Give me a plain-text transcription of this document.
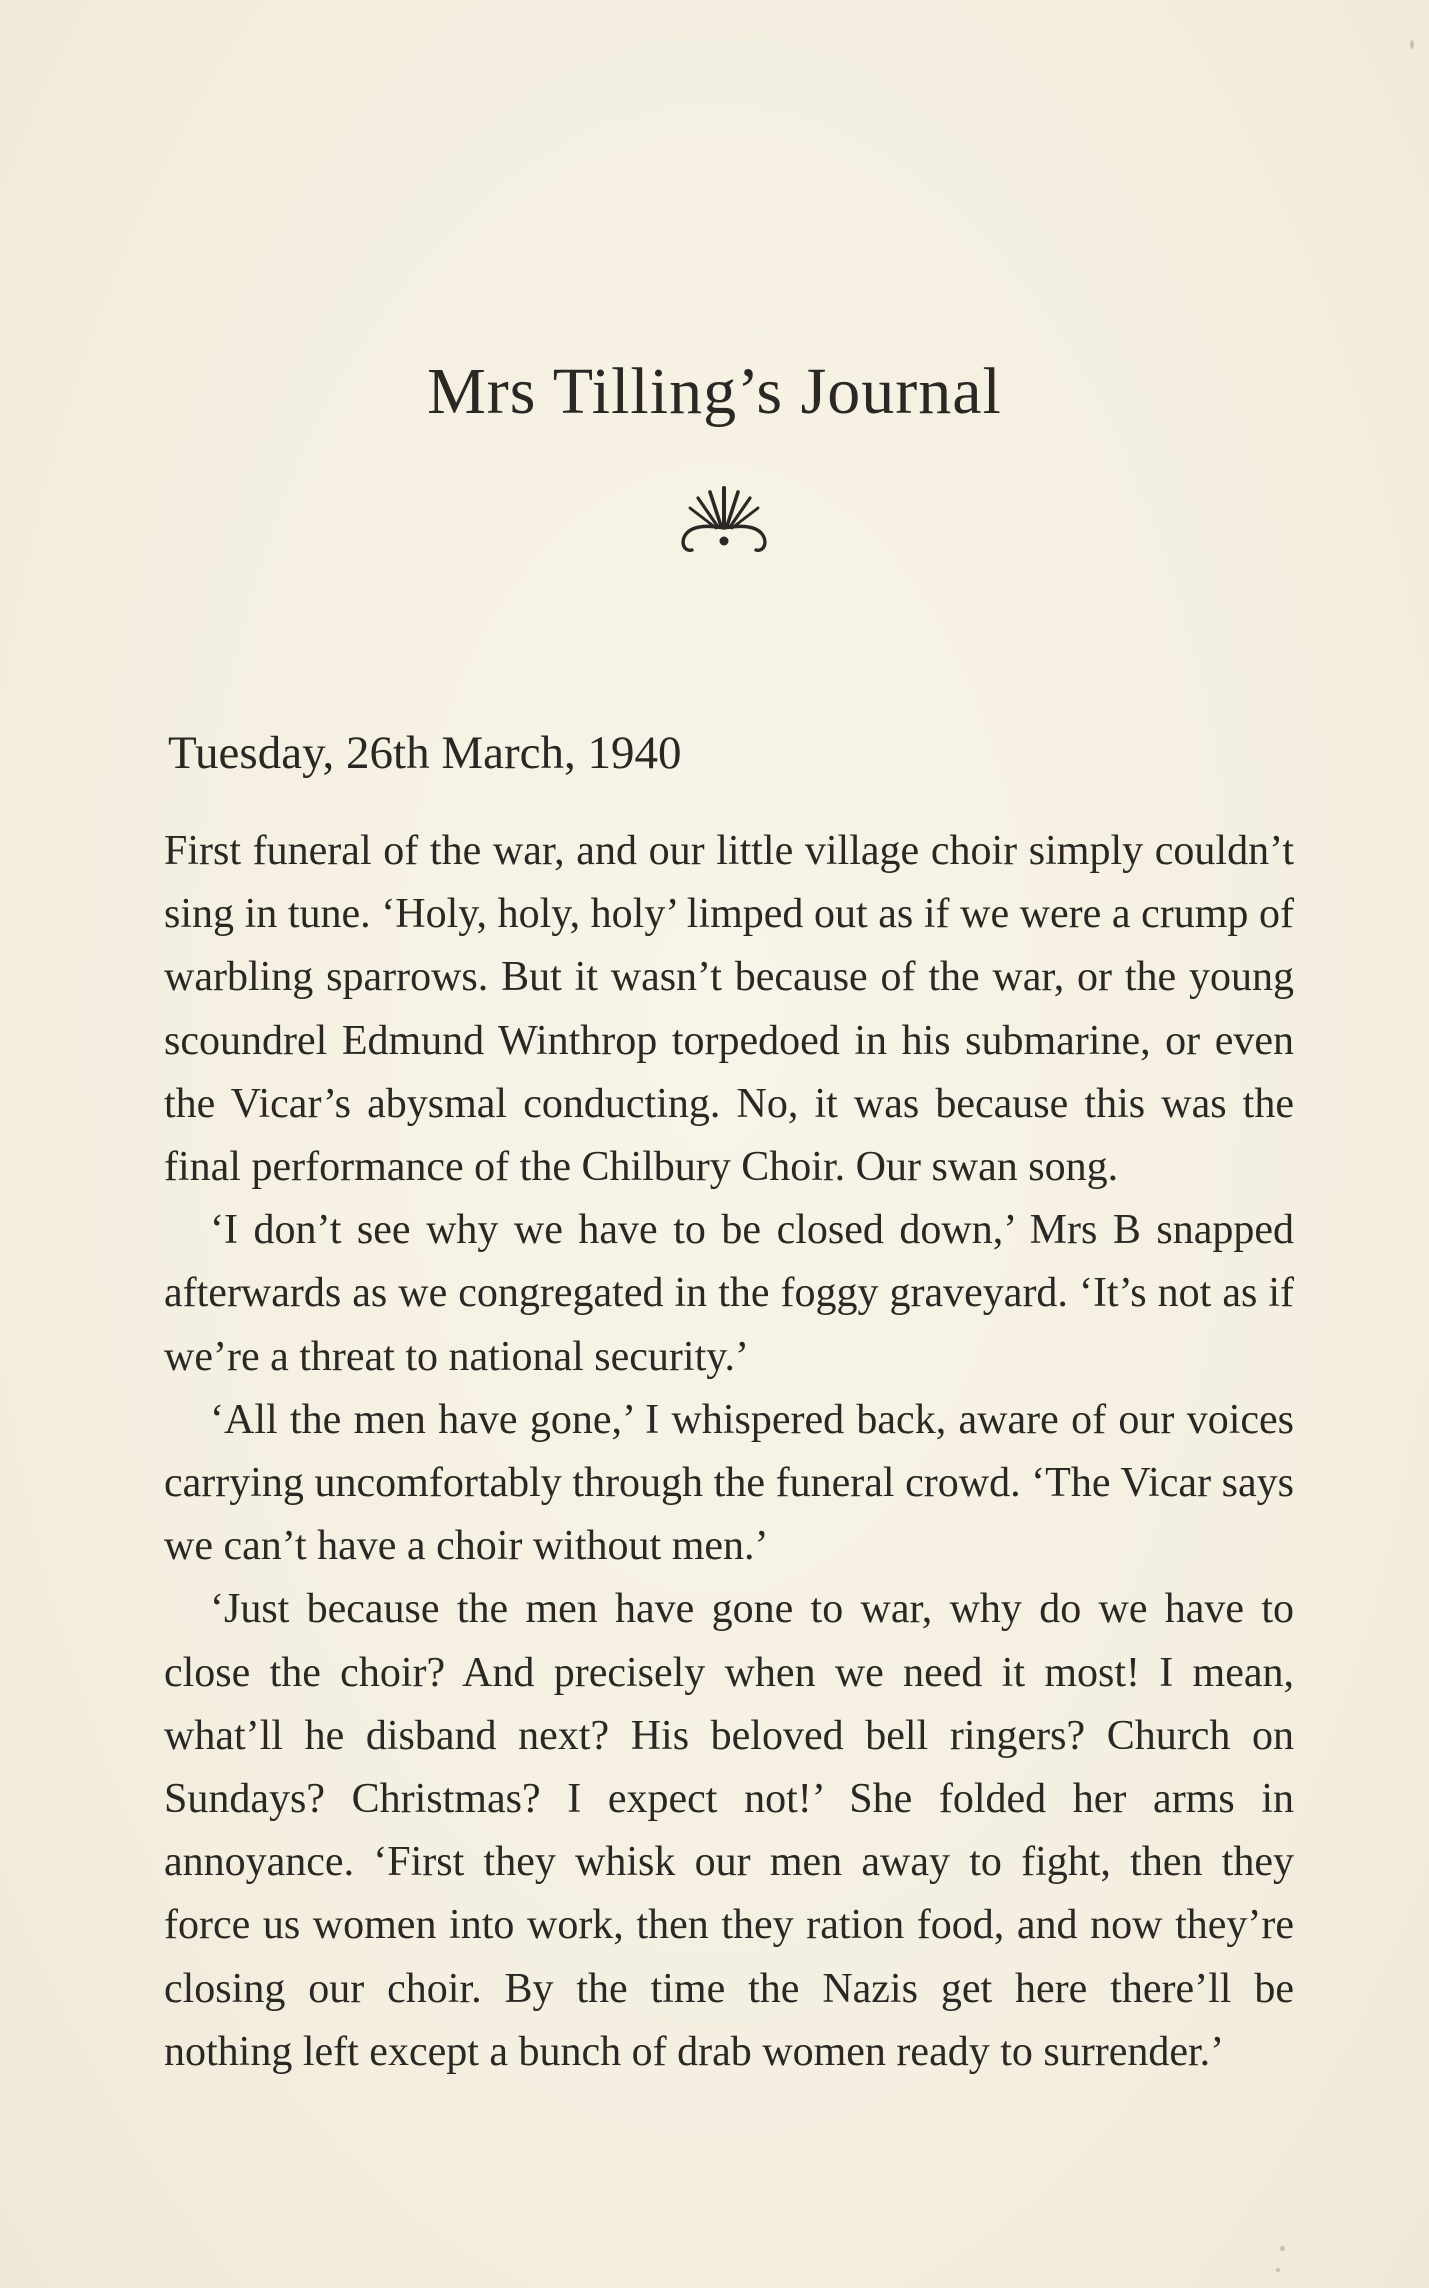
Mrs Tilling’s Journal
Tuesday, 26th March, 1940

First funeral of the war, and our little village choir simply couldn’t sing in tune. ‘Holy, holy, holy’ limped out as if we were a crump of warbling sparrows. But it wasn’t because of the war, or the young scoundrel Edmund Winthrop torpedoed in his submarine, or even the Vicar’s abysmal conducting. No, it was because this was the final performance of the Chilbury Choir. Our swan song.

‘I don’t see why we have to be closed down,’ Mrs B snapped afterwards as we congregated in the foggy graveyard. ‘It’s not as if we’re a threat to national security.’

‘All the men have gone,’ I whispered back, aware of our voices carrying uncomfortably through the funeral crowd. ‘The Vicar says we can’t have a choir without men.’

‘Just because the men have gone to war, why do we have to close the choir? And precisely when we need it most! I mean, what’ll he disband next? His beloved bell ringers? Church on Sundays? Christmas? I expect not!’ She folded her arms in annoyance. ‘First they whisk our men away to fight, then they force us women into work, then they ration food, and now they’re closing our choir. By the time the Nazis get here there’ll be nothing left except a bunch of drab women ready to surrender.’
